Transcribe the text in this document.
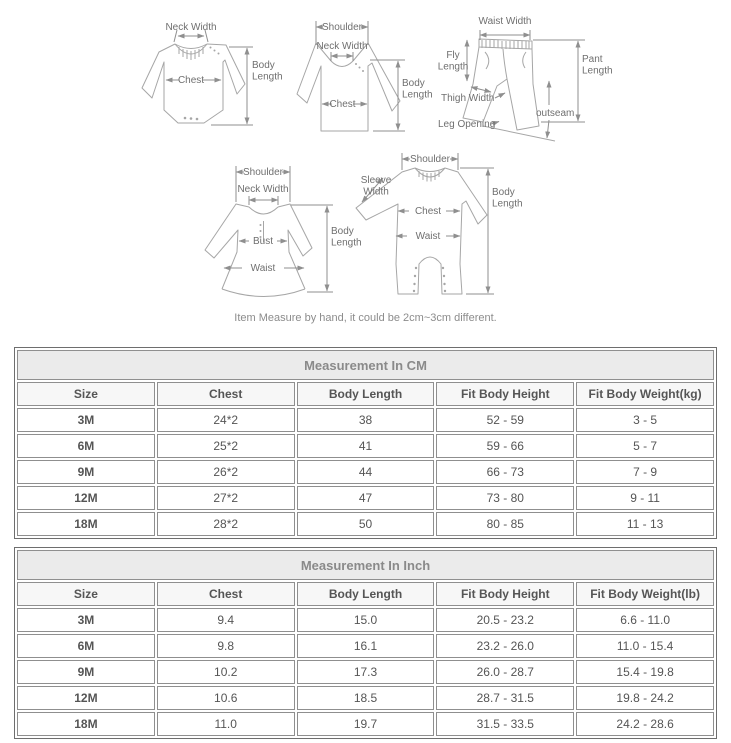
Neck Width
Chest
Body Length
Shoulder
Neck Width
Chest
Body Length
Waist Width
Fly Length
Pant Length
Thigh Width
outseam
Leg Opening
Shoulder
Neck Width
Bust
Waist
Body Length
Shoulder
Sleeve Width
Chest
Waist
Body Length
Item Measure by hand, it could be 2cm~3cm different.
Measurement In CM				
Size	Chest	Body Length	Fit Body Height	Fit Body Weight(kg)
3M	24*2	38	52 - 59	3 - 5
6M	25*2	41	59 - 66	5 - 7
9M	26*2	44	66 - 73	7 - 9
12M	27*2	47	73 - 80	9 - 11
18M	28*2	50	80 - 85	11 - 13
Measurement In Inch				
Size	Chest	Body Length	Fit Body Height	Fit Body Weight(lb)
3M	9.4	15.0	20.5 - 23.2	6.6 - 11.0
6M	9.8	16.1	23.2 - 26.0	11.0 - 15.4
9M	10.2	17.3	26.0 - 28.7	15.4 - 19.8
12M	10.6	18.5	28.7 - 31.5	19.8 - 24.2
18M	11.0	19.7	31.5 - 33.5	24.2 - 28.6
